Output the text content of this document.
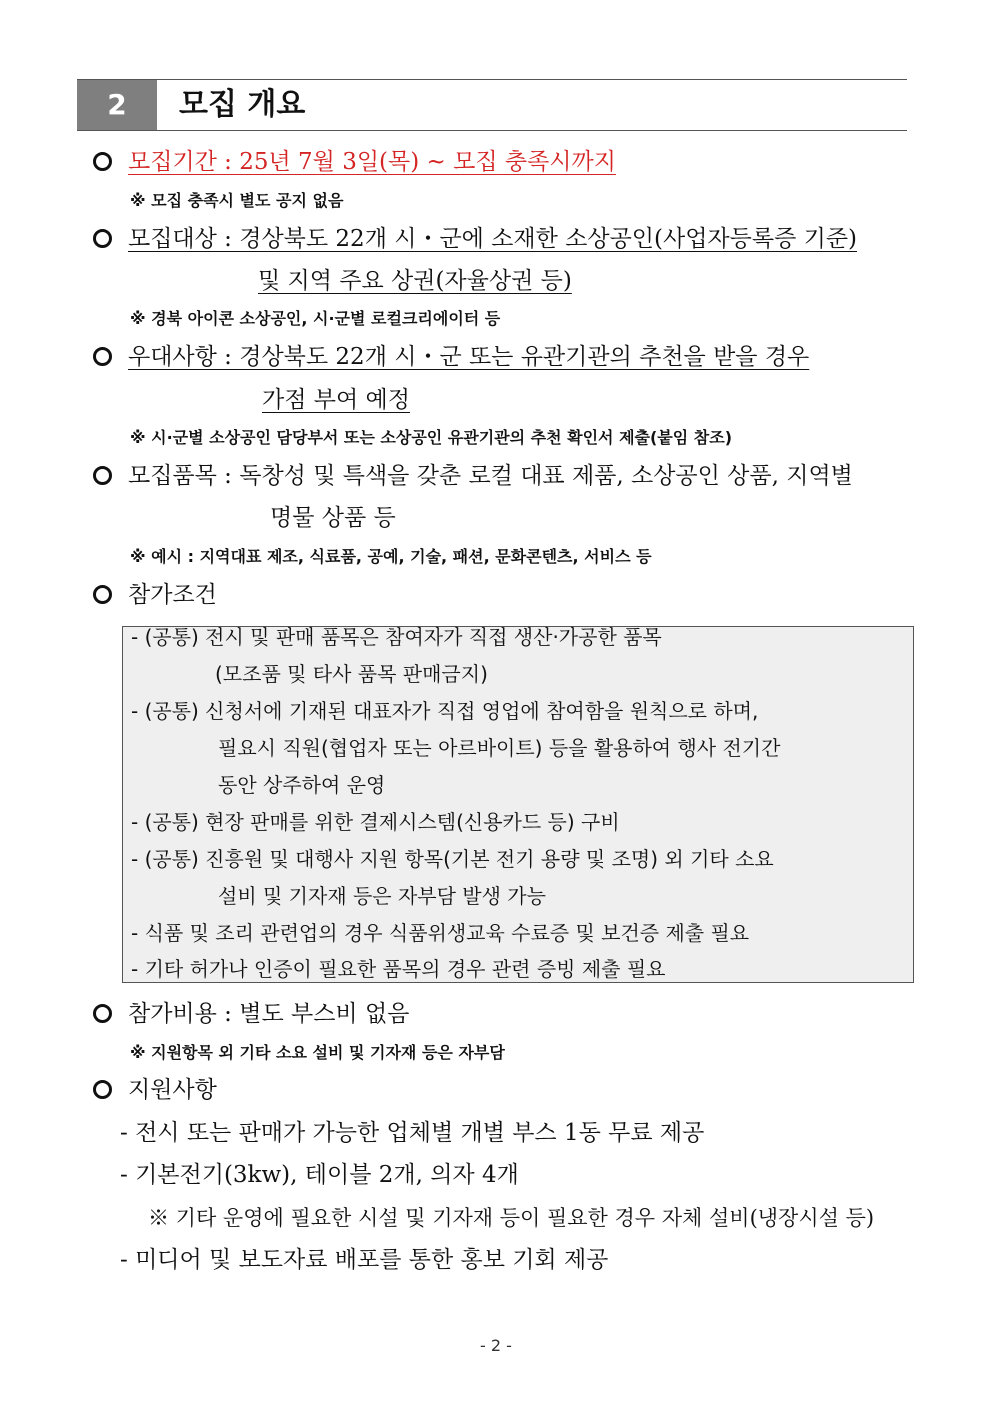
2	모집 개요
모집기간 : 25년 7월 3일(목) ~ 모집 충족시까지
※ 모집 충족시 별도 공지 없음
모집대상 : 경상북도 22개 시・군에 소재한 소상공인(사업자등록증 기준)
및 지역 주요 상권(자율상권 등)
※ 경북 아이콘 소상공인, 시·군별 로컬크리에이터 등
우대사항 : 경상북도 22개 시・군 또는 유관기관의 추천을 받을 경우
가점 부여 예정
※ 시·군별 소상공인 담당부서 또는 소상공인 유관기관의 추천 확인서 제출(붙임 참조)
모집품목 : 독창성 및 특색을 갖춘 로컬 대표 제품, 소상공인 상품, 지역별
명물 상품 등
※ 예시 : 지역대표 제조, 식료품, 공예, 기술, 패션, 문화콘텐츠, 서비스 등
참가조건
- (공통) 전시 및 판매 품목은 참여자가 직접 생산·가공한 품목
(모조품 및 타사 품목 판매금지)
- (공통) 신청서에 기재된 대표자가 직접 영업에 참여함을 원칙으로 하며,
필요시 직원(협업자 또는 아르바이트) 등을 활용하여 행사 전기간
동안 상주하여 운영
- (공통) 현장 판매를 위한 결제시스템(신용카드 등) 구비
- (공통) 진흥원 및 대행사 지원 항목(기본 전기 용량 및 조명) 외 기타 소요
설비 및 기자재 등은 자부담 발생 가능
- 식품 및 조리 관련업의 경우 식품위생교육 수료증 및 보건증 제출 필요
- 기타 허가나 인증이 필요한 품목의 경우 관련 증빙 제출 필요
참가비용 : 별도 부스비 없음
※ 지원항목 외 기타 소요 설비 및 기자재 등은 자부담
지원사항
- 전시 또는 판매가 가능한 업체별 개별 부스 1동 무료 제공
- 기본전기(3kw), 테이블 2개, 의자 4개
※ 기타 운영에 필요한 시설 및 기자재 등이 필요한 경우 자체 설비(냉장시설 등)
- 미디어 및 보도자료 배포를 통한 홍보 기회 제공
- 2 -
